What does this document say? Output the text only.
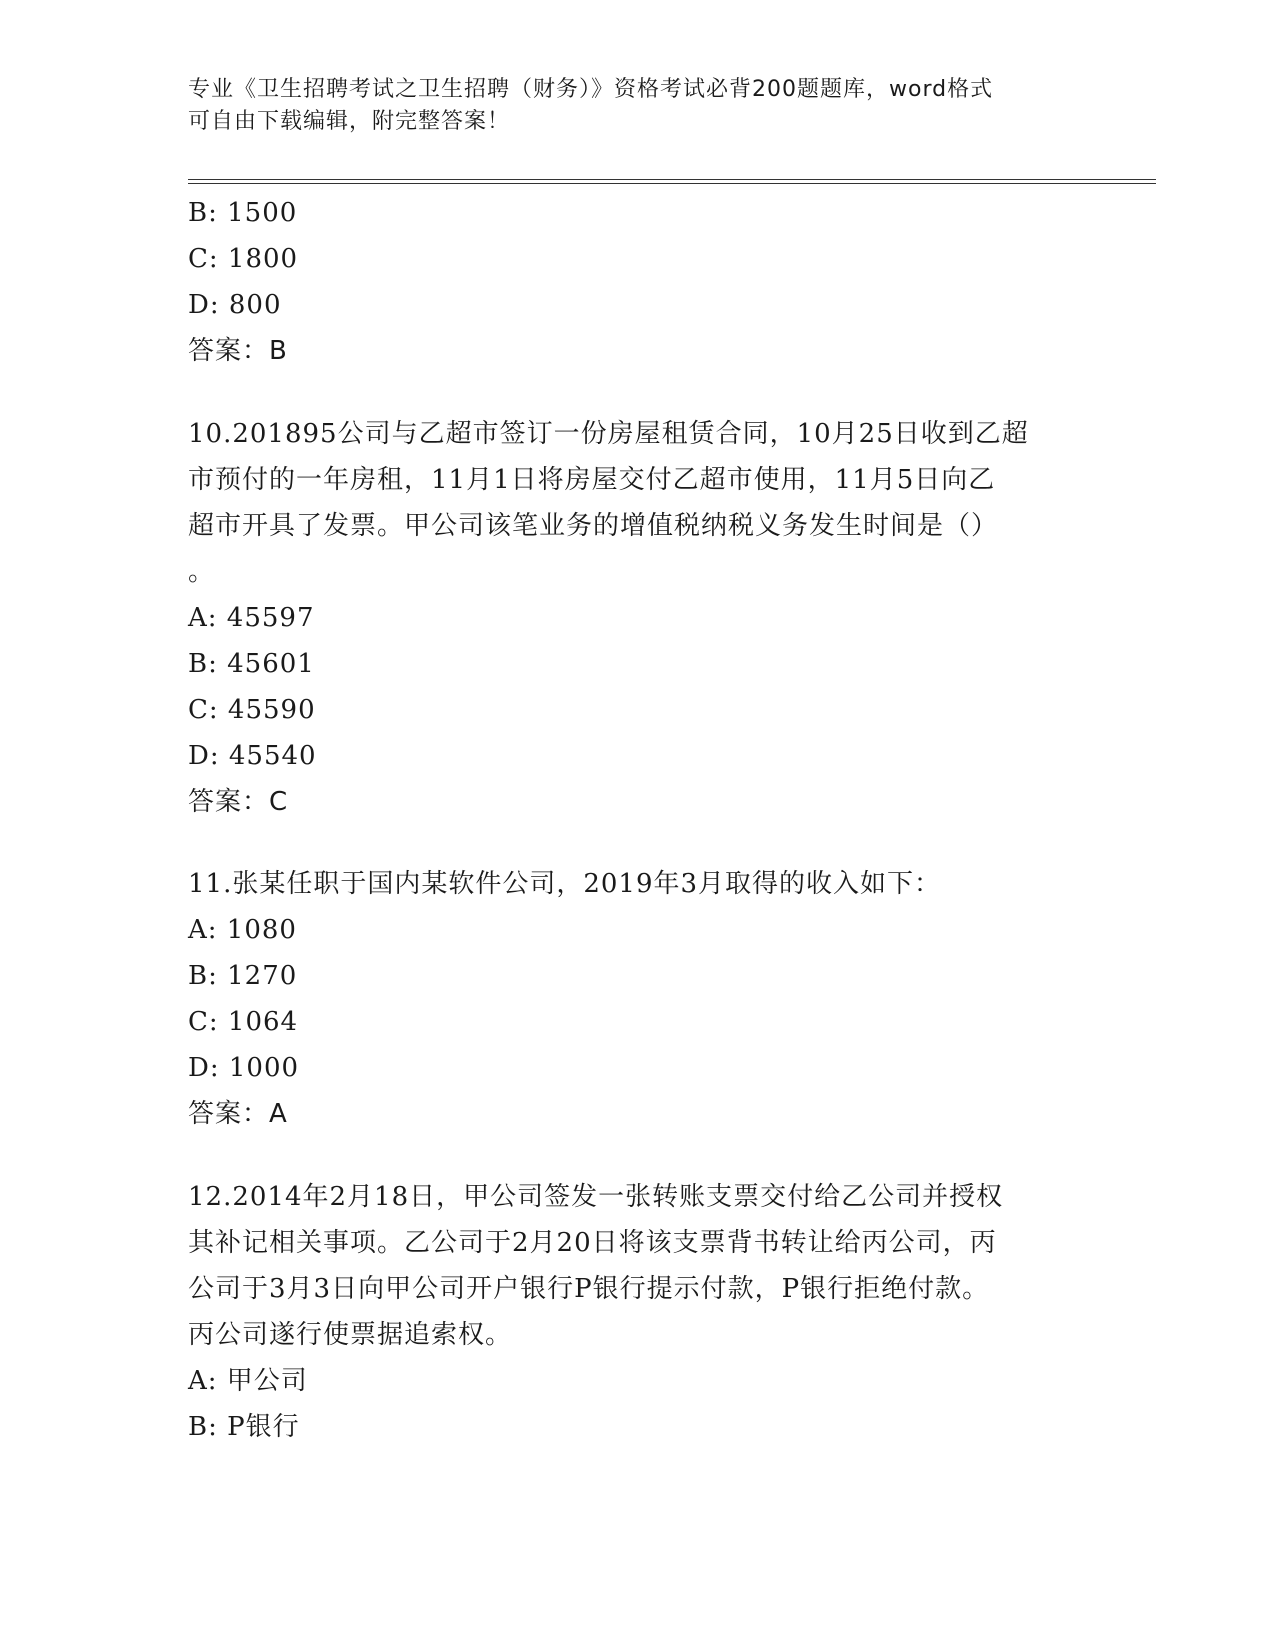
专业《卫生招聘考试之卫生招聘（财务）》资格考试必背200题题库，word格式
可自由下载编辑，附完整答案！
B: 1500
C: 1800
D: 800
答案：B
10.201895公司与乙超市签订一份房屋租赁合同，10月25日收到乙超
市预付的一年房租，11月1日将房屋交付乙超市使用，11月5日向乙
超市开具了发票。甲公司该笔业务的增值税纳税义务发生时间是（）
。
A: 45597
B: 45601
C: 45590
D: 45540
答案：C
11.张某任职于国内某软件公司，2019年3月取得的收入如下：
A: 1080
B: 1270
C: 1064
D: 1000
答案：A
12.2014年2月18日，甲公司签发一张转账支票交付给乙公司并授权
其补记相关事项。乙公司于2月20日将该支票背书转让给丙公司，丙
公司于3月3日向甲公司开户银行P银行提示付款，P银行拒绝付款。
丙公司遂行使票据追索权。
A: 甲公司
B: P银行
